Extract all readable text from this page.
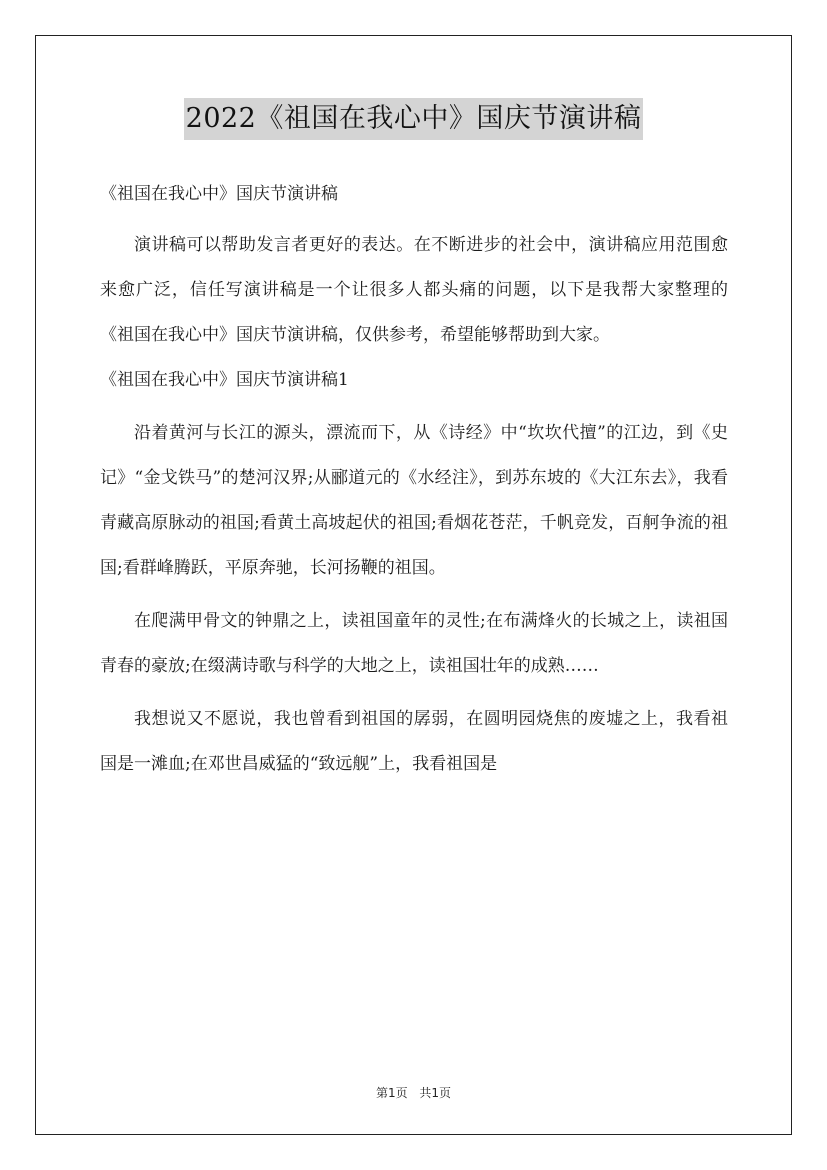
2022《祖国在我心中》国庆节演讲稿

《祖国在我心中》国庆节演讲稿

演讲稿可以帮助发言者更好的表达。在不断进步的社会中，演讲稿应用范围愈来愈广泛，信任写演讲稿是一个让很多人都头痛的问题，以下是我帮大家整理的《祖国在我心中》国庆节演讲稿，仅供参考，希望能够帮助到大家。

《祖国在我心中》国庆节演讲稿1

沿着黄河与长江的源头，漂流而下，从《诗经》中“坎坎代擅”的江边，到《史记》“金戈铁马”的楚河汉界;从郦道元的《水经注》，到苏东坡的《大江东去》，我看青藏高原脉动的祖国;看黄土高坡起伏的祖国;看烟花苍茫，千帆竞发，百舸争流的祖国;看群峰腾跃，平原奔驰，长河扬鞭的祖国。

在爬满甲骨文的钟鼎之上，读祖国童年的灵性;在布满烽火的长城之上，读祖国青春的豪放;在缀满诗歌与科学的大地之上，读祖国壮年的成熟……

我想说又不愿说，我也曾看到祖国的孱弱，在圆明园烧焦的废墟之上，我看祖国是一滩血;在邓世昌威猛的“致远舰”上，我看祖国是

第1页 共1页
